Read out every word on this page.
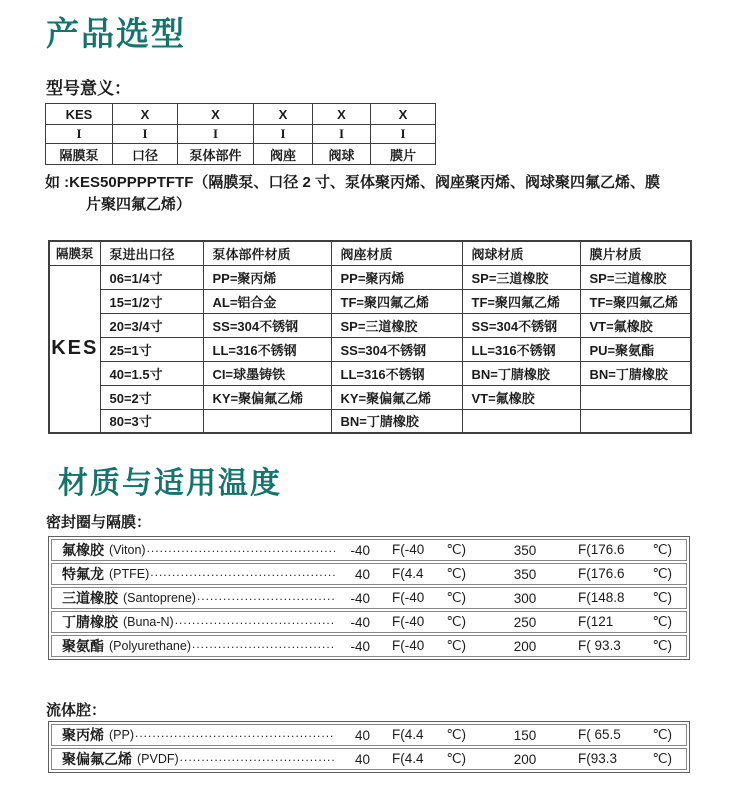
产品选型
型号意义：
KES	X	X	X	X	X
I	I	I	I	I	I
隔膜泵	口径	泵体部件	阀座	阀球	膜片
如 :KES50PPPPTFTF（隔膜泵、口径 2 寸、泵体聚丙烯、阀座聚丙烯、阀球聚四氟乙烯、膜
片聚四氟乙烯）
隔膜泵	泵进出口径	泵体部件材质	阀座材质	阀球材质	膜片材质
KES	06=1/4寸	PP=聚丙烯	PP=聚丙烯	SP=三道橡胶	SP=三道橡胶
	15=1/2寸	AL=铝合金	TF=聚四氟乙烯	TF=聚四氟乙烯	TF=聚四氟乙烯
	20=3/4寸	SS=304不锈钢	SP=三道橡胶	SS=304不锈钢	VT=氟橡胶
	25=1寸	LL=316不锈钢	SS=304不锈钢	LL=316不锈钢	PU=聚氨酯
	40=1.5寸	CI=球墨铸铁	LL=316不锈钢	BN=丁腈橡胶	BN=丁腈橡胶
	50=2寸	KY=聚偏氟乙烯	KY=聚偏氟乙烯	VT=氟橡胶	
	80=3寸		BN=丁腈橡胶		
材质与适用温度
密封圈与隔膜：
氟橡胶 (Viton) .....	-40 F(-40 ℃)	350	F(176.6 ℃)
特氟龙 (PTFE) .....	40 F(4.4 ℃)	350	F(176.6 ℃)
三道橡胶 (Santoprene) .....	-40 F(-40 ℃)	300	F(148.8 ℃)
丁腈橡胶 (Buna-N) .....	-40 F(-40 ℃)	250	F(121	℃)
聚氨酯 (Polyurethane) .....	-40 F(-40 ℃)	200	F( 93.3 ℃)
流体腔：
聚丙烯 (PP) .....	40 F(4.4 ℃)	150	F( 65.5 ℃)
聚偏氟乙烯 (PVDF) .....	40 F(4.4 ℃)	200	F(93.3	℃)
